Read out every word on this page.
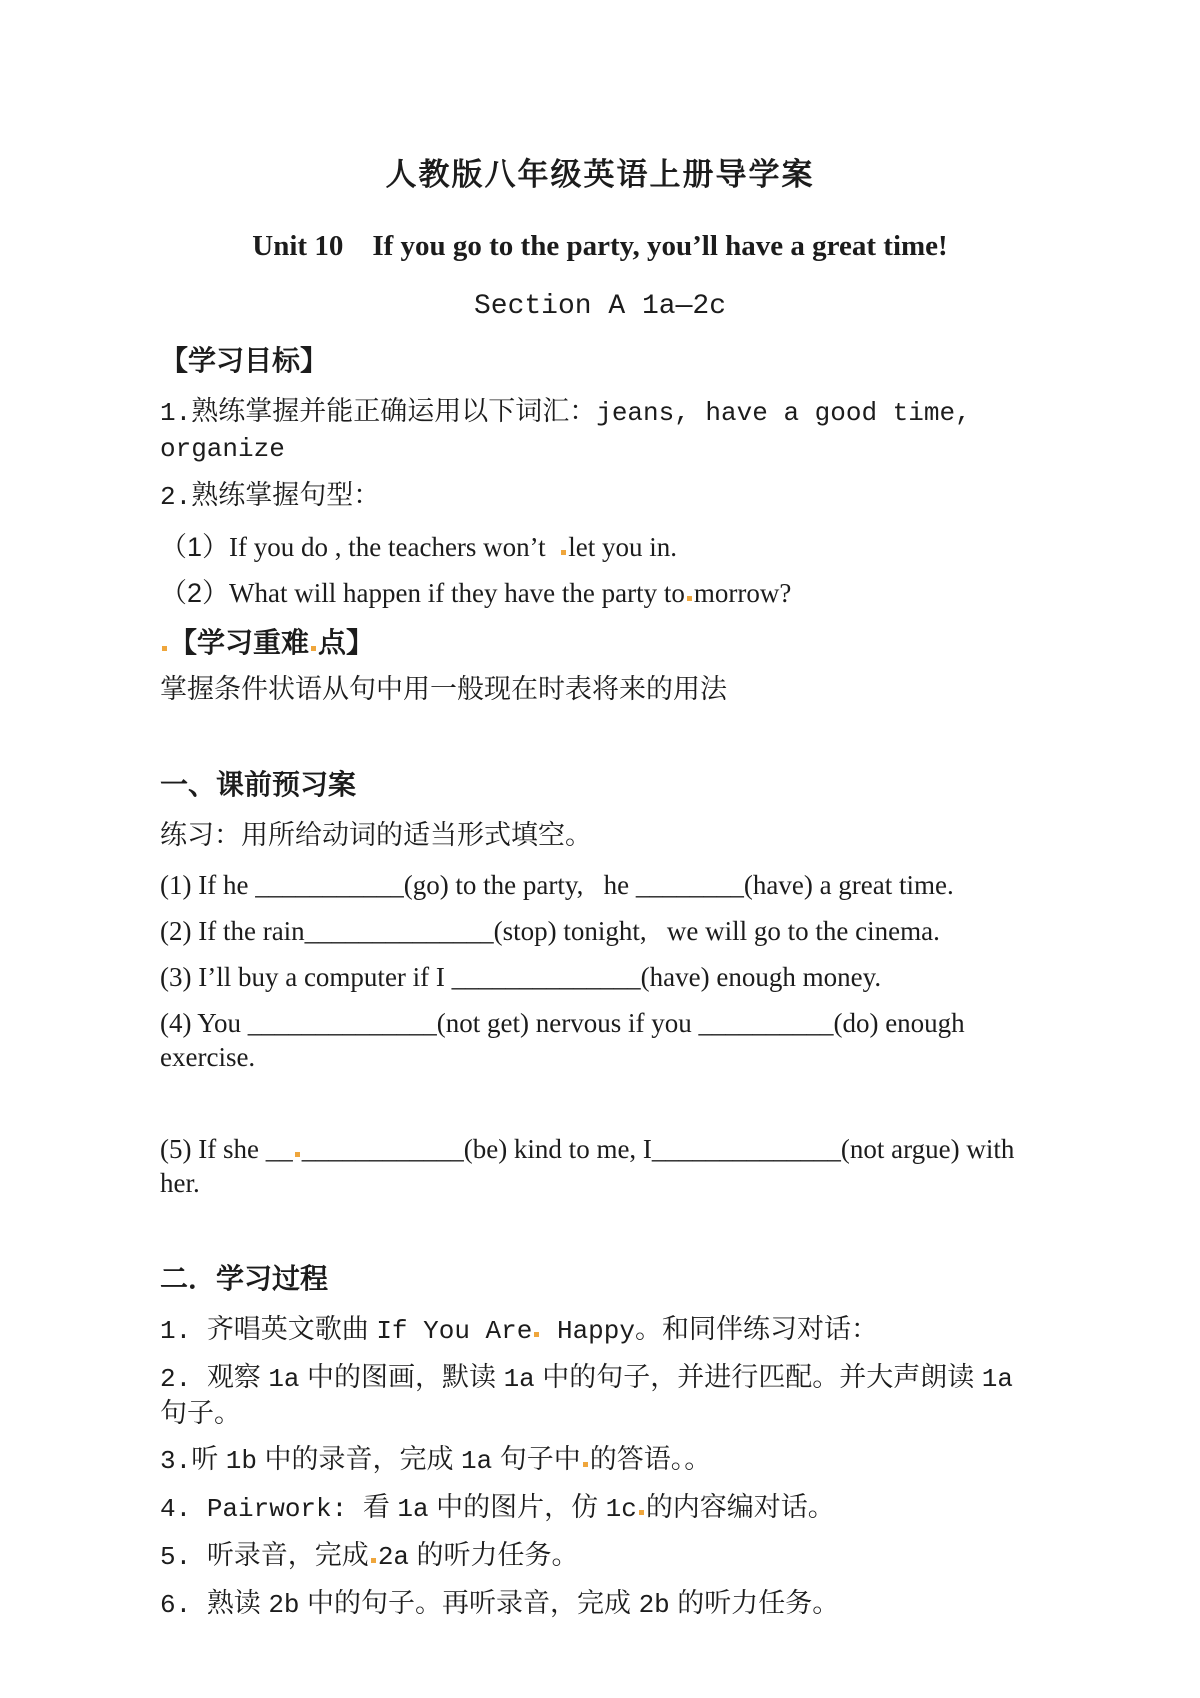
人教版八年级英语上册导学案
Unit 10    If you go to the party, you’ll have a great time!
Section A 1a—2c
【学习目标】
1.熟练掌握并能正确运用以下词汇：jeans, have a good time, organize
2.熟练掌握句型：
（1）If you do , the teachers won’t  let you in.
（2）What will happen if they have the party to morrow?
【学习重难 点】
掌握条件状语从句中用一般现在时表将来的用法
一、课前预习案
练习：用所给动词的适当形式填空。
(1) If he ___________(go) to the party,   he ________(have) a great time.
(2) If the rain______________(stop) tonight,   we will go to the cinema.
(3) I’ll buy a computer if I ______________(have) enough money.
(4) You ______________(not get) nervous if you __________(do) enough exercise.
(5) If she __ ____________(be) kind to me, I______________(not argue) with her.
二．学习过程
1. 齐唱英文歌曲 If You Are Happy。和同伴练习对话：
2. 观察 1a 中的图画，默读 1a 中的句子，并进行匹配。并大声朗读 1a 句子。
3.听 1b 中的录音，完成 1a 句子中 的答语。。
4. Pairwork: 看 1a 中的图片，仿 1c 的内容编对话。
5. 听录音，完成 2a 的听力任务。
6. 熟读 2b 中的句子。再听录音，完成 2b 的听力任务。
